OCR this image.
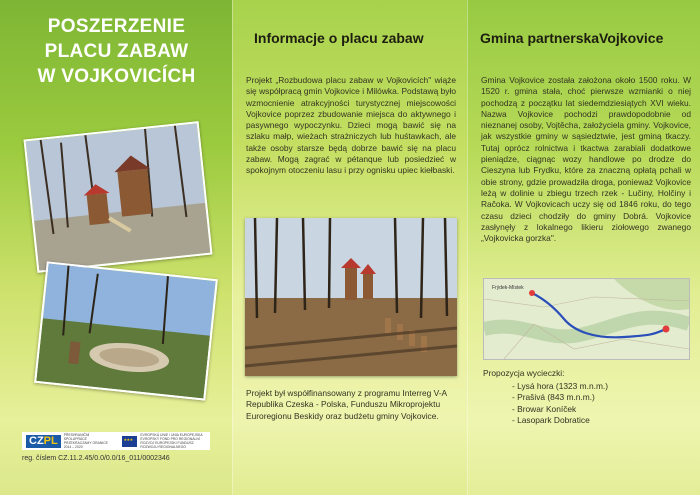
POSZERZENIE
PLACU ZABAW
W VOJKOVICÍCH
CZPL	PŘESHRANIČNÍ SPOLUPRÁCE PRZEKRACZAMY GRANICE 2014 – 2020
★★★
EVROPSKÁ UNIE / UNIA EUROPEJSKA EVROPSKÝ FOND PRO REGIONÁLNÍ ROZVOJ EUROPEJSKI FUNDUSZ ROZWOJU REGIONALNEGO
reg. číslem CZ.11.2.45/0.0/0.0/16_011/0002346
Informacje o placu zabaw
Projekt „Rozbudowa placu zabaw w Vojkovicích" wiąże się współpracą gmin Vojkovice i Milówka. Podstawą było wzmocnienie atrakcyjności turystycznej miejscowości Vojkovice poprzez zbudowanie miejsca do aktywnego i pasywnego wypoczynku. Dzieci mogą bawić się na szlaku małp, wieżach strażniczych lub huśtawkach, ale także osoby starsze będą dobrze bawić się na placu zabaw. Mogą zagrać w pétanque lub posiedzieć w spokojnym otoczeniu lasu i przy ognisku upiec kiełbaski.
Projekt był współfinansowany z programu Interreg V-A Republika Czeska - Polska, Funduszu Mikroprojektu Euroregionu Beskidy oraz budżetu gminy Vojkovice.
Gmina partnerskaVojkovice
Gmina Vojkovice została założona około 1500 roku. W 1520 r. gmina stała, choć pierwsze wzmianki o niej pochodzą z początku lat siedemdziesiątych XVI wieku. Nazwa Vojkovice pochodzi prawdopodobnie od nieznanej osoby, Vojtěcha, założyciela gminy. Vojkovice, jak wszystkie gminy w sąsiedztwie, jest gminą tkaczy. Tutaj oprócz rolnictwa i tkactwa zarabiali dodatkowe pieniądze, ciągnąc wozy handlowe po drodze do Cieszyna lub Frydku, które za znaczną opłatą pchali w obie strony, gdzie prowadziła droga, ponieważ Vojkovice leżą w dolinie u zbiegu trzech rzek - Lučiny, Holčiny i Račoka. W Vojkovicach uczy się od 1846 roku, do tego czasu dzieci chodziły do gminy Dobrá. Vojkovice zasłynęły z lokalnego likieru ziołowego zwanego „Vojkovicka gorzka".
Frýdek-Místek
Propozycja wycieczki:
- Lysá hora (1323 m.n.m.)
- Prašivá (843 m.n.m.)
- Browar Koníček
- Lasopark Dobratice
